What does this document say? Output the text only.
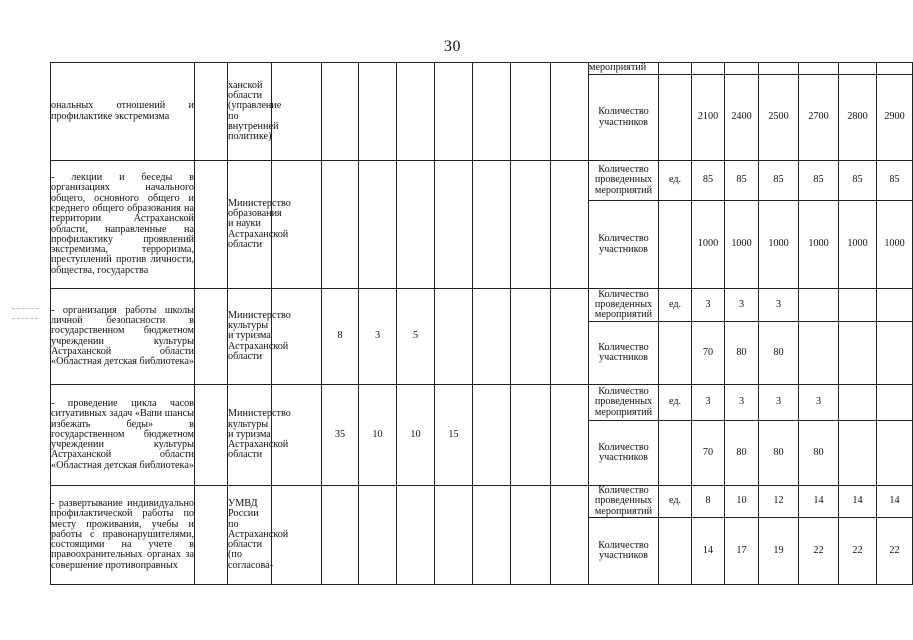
30
ональных отношений и профилактике экстремизма		ханской области (управление по внутренней политике)									мероприятий							
											Количество участников		2100	2400	2500	2700	2800	2900
- лекции и беседы в организациях начального общего, основного общего и среднего общего образования на территории Астраханской области, направленные на профилактику проявлений экстремизма, терроризма, преступлений против личности, общества, государства		Министерство образования и науки Астраханской области									Количество проведенных мероприятий	ед.	85	85	85	85	85	85
											Количество участников		1000	1000	1000	1000	1000	1000
- организация работы школы личной безопасности в государственном бюджетном учреждении культуры Астраханской области «Областная детская библиотека»		Министерство культуры и туризма Астраханской области		8	3	5					Количество проведенных мероприятий	ед.	3	3	3			
											Количество участников		70	80	80			
- проведение цикла часов ситуативных задач «Вапи шансы избежать беды» в государственном бюджетном учреждении культуры Астраханской области «Областная детская библиотека»		Министерство культуры и туризма Астраханской области		35	10	10	15				Количество проведенных мероприятий	ед.	3	3	3	3		
											Количество участников		70	80	80	80		
- развертывание индивидуально профилактической работы по месту проживания, учебы и работы с правонарушителями, состоящими на учете в правоохранительных органах за совершение противоправных		УМВД России по Астраханской области (по согласова-									Количество проведенных мероприятий	ед.	8	10	12	14	14	14
											Количество участников		14	17	19	22	22	22
